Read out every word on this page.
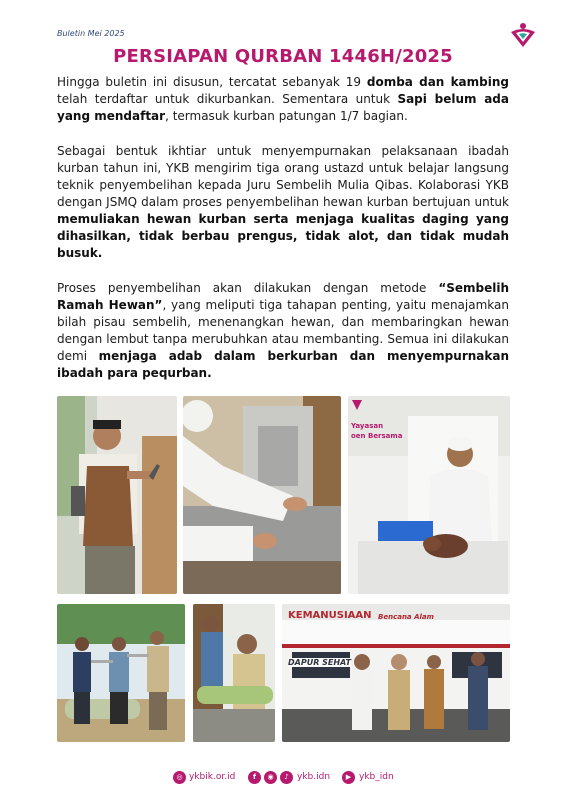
Buletin Mei 2025
PERSIAPAN QURBAN 1446H/2025

Hingga buletin ini disusun, tercatat sebanyak 19 domba dan kambing telah terdaftar untuk dikurbankan. Sementara untuk Sapi belum ada yang mendaftar, termasuk kurban patungan 1/7 bagian.

Sebagai bentuk ikhtiar untuk menyempurnakan pelaksanaan ibadah kurban tahun ini, YKB mengirim tiga orang ustazd untuk belajar langsung teknik penyembelihan kepada Juru Sembelih Mulia Qibas. Kolaborasi YKB dengan JSMQ dalam proses penyembelihan hewan kurban bertujuan untuk memuliakan hewan kurban serta menjaga kualitas daging yang dihasilkan, tidak berbau prengus, tidak alot, dan tidak mudah busuk.

Proses penyembelihan akan dilakukan dengan metode “Sembelih Ramah Hewan”, yang meliputi tiga tahapan penting, yaitu menajamkan bilah pisau sembelih, menenangkan hewan, dan membaringkan hewan dengan lembut tanpa merubuhkan atau membanting. Semua ini dilakukan demi menjaga adab dalam berkurban dan menyempurnakan ibadah para pequrban.

Yayasan
oen Bersama
KEMANUSIAAN Bencana Alam
DAPUR SEHAT
◎ ykbik.or.id	f	◉	♪ ykb.idn	▶ ykb_idn
